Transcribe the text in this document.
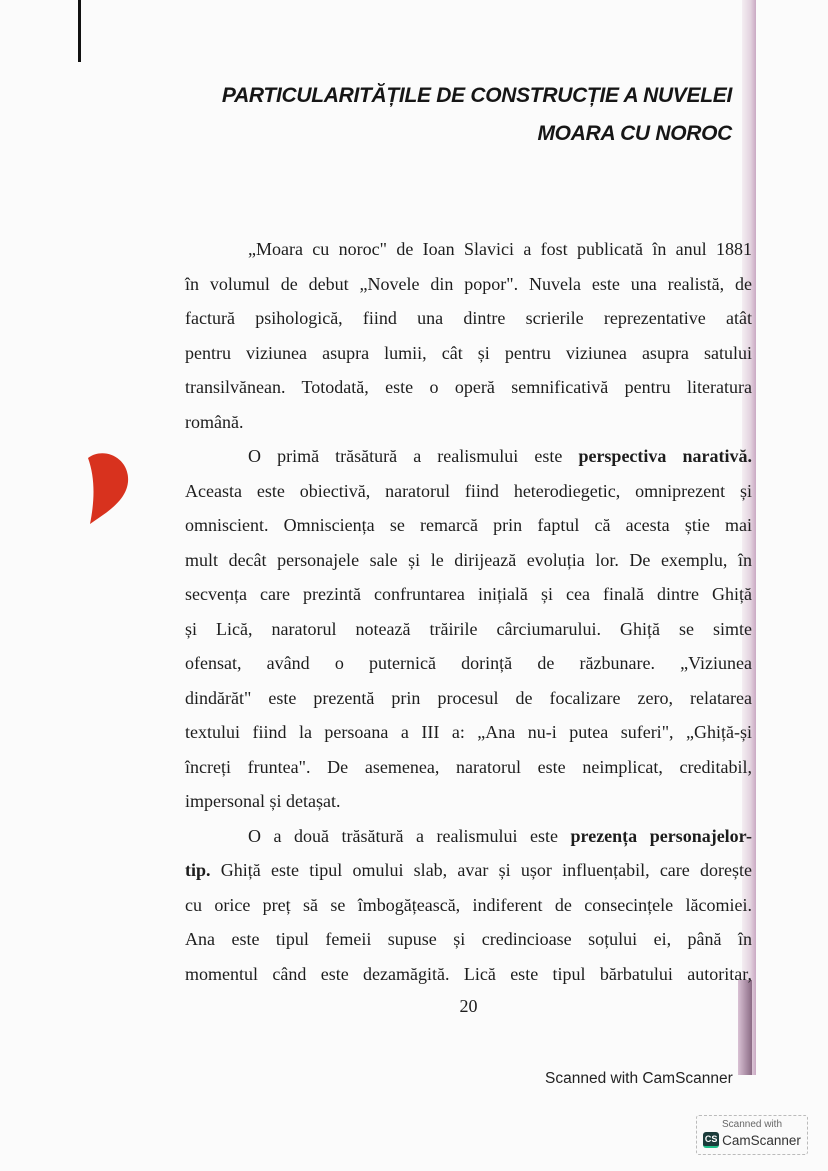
PARTICULARITĂȚILE DE CONSTRUCȚIE A NUVELEI
MOARA CU NOROC
„Moara cu noroc" de Ioan Slavici a fost publicată în anul 1881
în volumul de debut „Novele din popor". Nuvela este una realistă, de
factură psihologică, fiind una dintre scrierile reprezentative atât
pentru viziunea asupra lumii, cât și pentru viziunea asupra satului
transilvănean. Totodată, este o operă semnificativă pentru literatura
română.
O primă trăsătură a realismului este perspectiva narativă.
Aceasta este obiectivă, naratorul fiind heterodiegetic, omniprezent și
omniscient. Omnisciența se remarcă prin faptul că acesta știe mai
mult decât personajele sale și le dirijează evoluția lor. De exemplu, în
secvența care prezintă confruntarea inițială și cea finală dintre Ghiță
și Lică, naratorul notează trăirile cârciumarului. Ghiță se simte
ofensat, având o puternică dorință de răzbunare. „Viziunea
dindărăt" este prezentă prin procesul de focalizare zero, relatarea
textului fiind la persoana a III a: „Ana nu-i putea suferi", „Ghiță-și
încreți fruntea". De asemenea, naratorul este neimplicat, creditabil,
impersonal și detașat.
O a două trăsătură a realismului este prezența personajelor-
tip. Ghiță este tipul omului slab, avar și ușor influențabil, care dorește
cu orice preț să se îmbogățească, indiferent de consecințele lăcomiei.
Ana este tipul femeii supuse și credincioase soțului ei, până în
momentul când este dezamăgită. Lică este tipul bărbatului autoritar,
20
Scanned with CamScanner
Scanned with
CS CamScanner
